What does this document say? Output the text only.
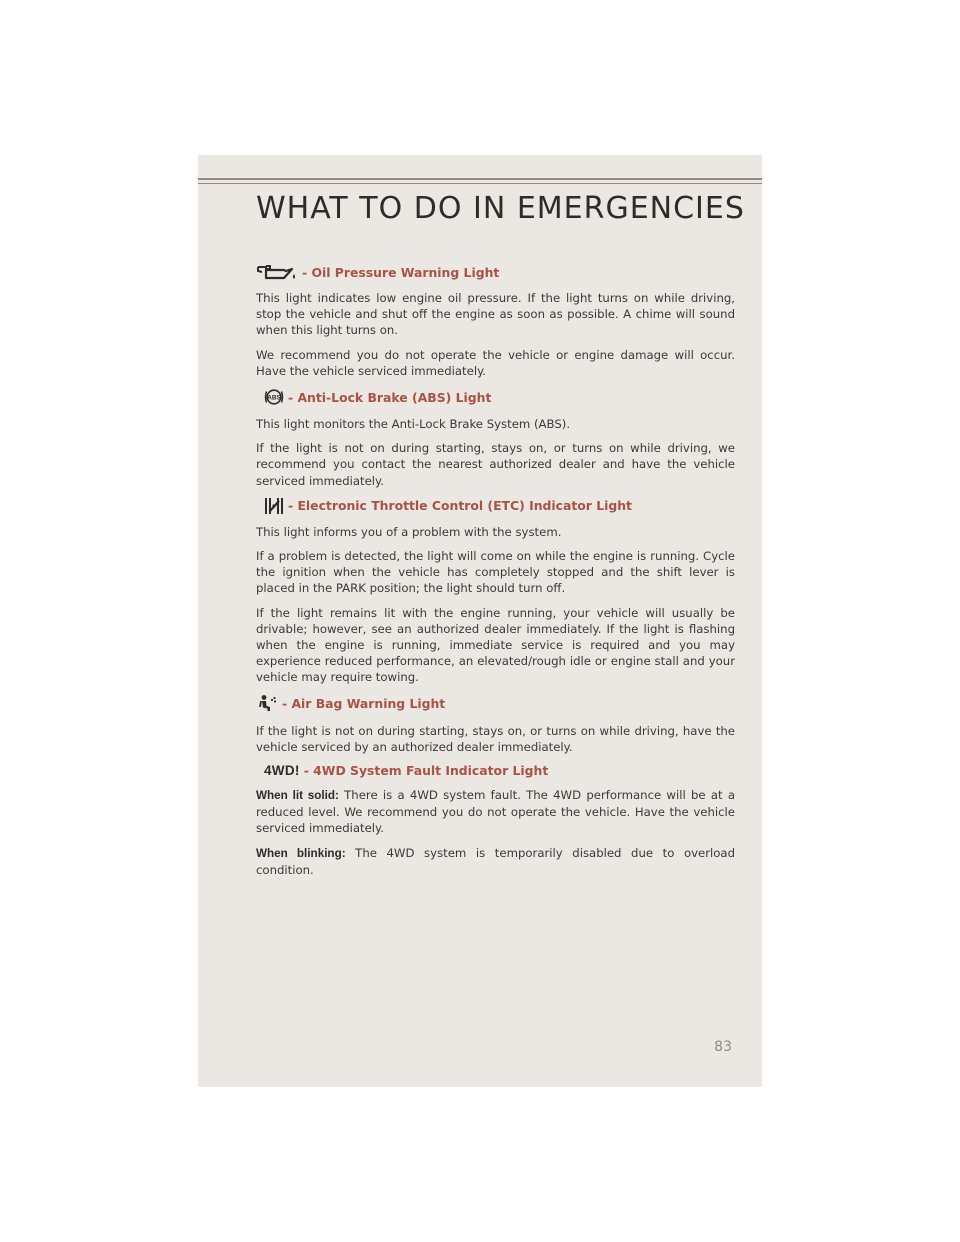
WHAT TO DO IN EMERGENCIES
- Oil Pressure Warning Light

This light indicates low engine oil pressure. If the light turns on while driving, stop the vehicle and shut off the engine as soon as possible. A chime will sound when this light turns on.

We recommend you do not operate the vehicle or engine damage will occur. Have the vehicle serviced immediately.

ABS - Anti-Lock Brake (ABS) Light

This light monitors the Anti-Lock Brake System (ABS).

If the light is not on during starting, stays on, or turns on while driving, we recommend you contact the nearest authorized dealer and have the vehicle serviced immediately.

- Electronic Throttle Control (ETC) Indicator Light

This light informs you of a problem with the system.

If a problem is detected, the light will come on while the engine is running. Cycle the ignition when the vehicle has completely stopped and the shift lever is placed in the PARK position; the light should turn off.

If the light remains lit with the engine running, your vehicle will usually be drivable; however, see an authorized dealer immediately. If the light is flashing when the engine is running, immediate service is required and you may experience reduced performance, an elevated/rough idle or engine stall and your vehicle may require towing.

- Air Bag Warning Light

If the light is not on during starting, stays on, or turns on while driving, have the vehicle serviced by an authorized dealer immediately.

4WD! - 4WD System Fault Indicator Light

When lit solid: There is a 4WD system fault. The 4WD performance will be at a reduced level. We recommend you do not operate the vehicle. Have the vehicle serviced immediately.

When blinking: The 4WD system is temporarily disabled due to overload condition.

83
